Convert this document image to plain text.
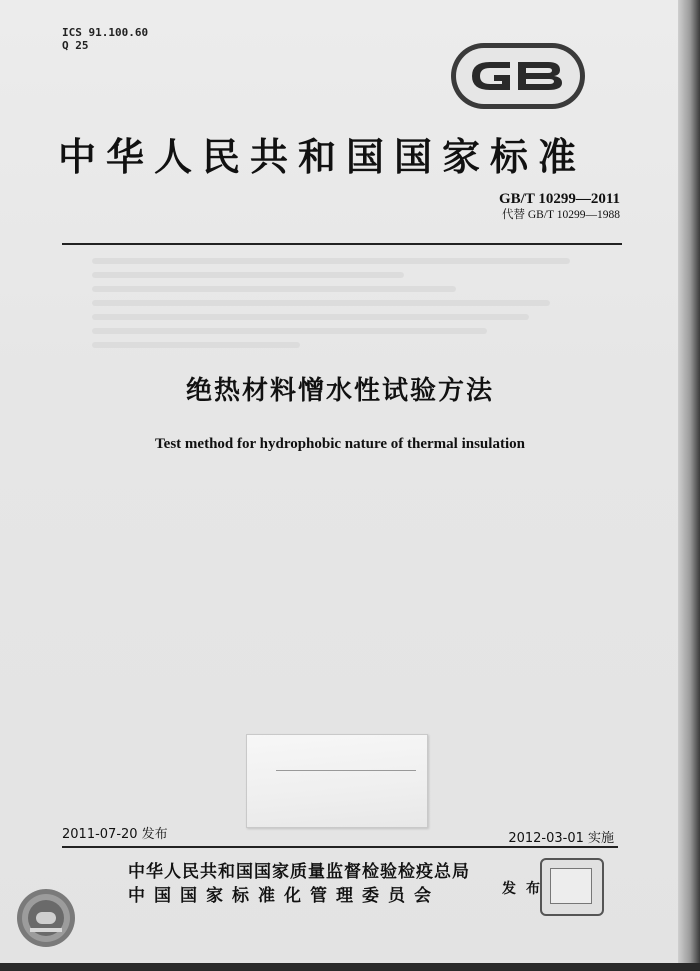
ICS 91.100.60
Q 25
GB
中华人民共和国国家标准
GB/T 10299—2011
代替 GB/T 10299—1988
绝热材料憎水性试验方法
Test method for hydrophobic nature of thermal insulation
2011-07-20 发布	2012-03-01 实施
中华人民共和国国家质量监督检验检疫总局
中国国家标准化管理委员会	发布
